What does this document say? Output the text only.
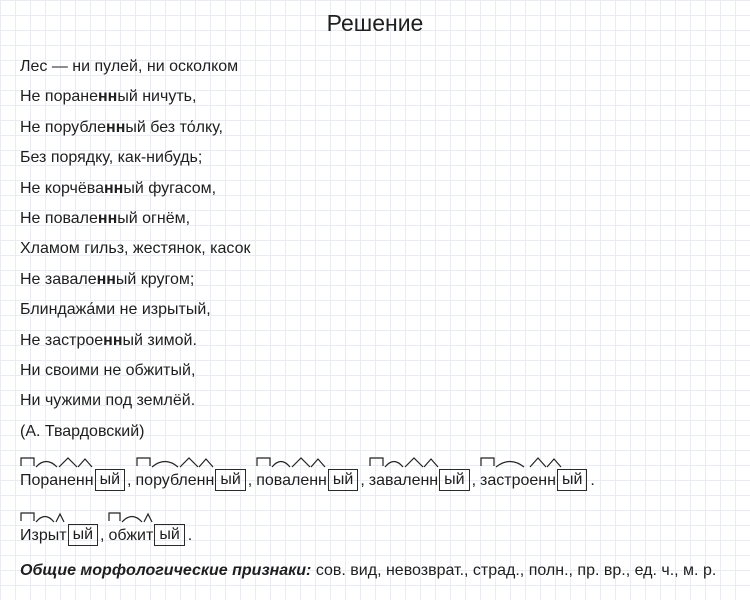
Решение
Лес — ни пулей, ни осколком
Не пораненный ничуть,
Не порубленный без то́лку,
Без порядку, как-нибудь;
Не корчёванный фугасом,
Не поваленный огнём,
Хламом гильз, жестянок, касок
Не заваленный кругом;
Блиндажа́ми не изрытый,
Не застроенный зимой.
Ни своими не обжитый,
Ни чужими под землёй.
(А. Твардовский)
Пораненн ый , порубленн ый , поваленн ый , заваленн ый , застроенн ый .
Изрыт ый , обжит ый .
Общие морфологические признаки: сов. вид, невозврат., страд., полн., пр. вр., ед. ч., м. р.
